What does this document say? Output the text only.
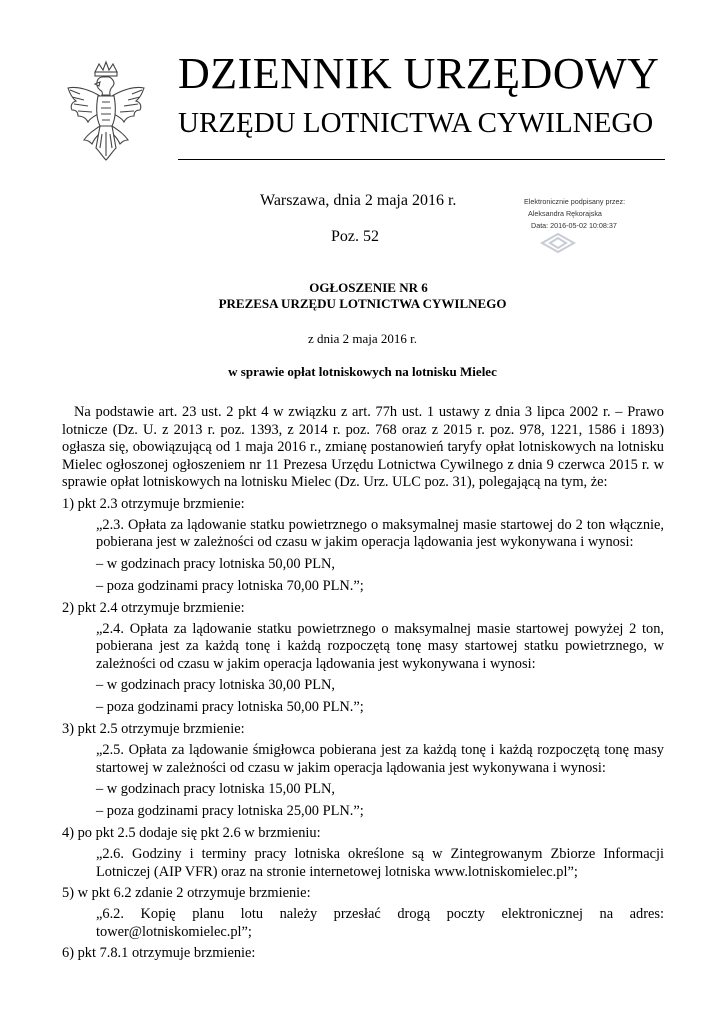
DZIENNIK URZĘDOWY
URZĘDU LOTNICTWA CYWILNEGO
Warszawa, dnia 2 maja 2016 r.
Poz. 52
Elektronicznie podpisany przez:
Aleksandra Rękorajska
Data: 2016-05-02 10:08:37
OGŁOSZENIE NR 6
PREZESA URZĘDU LOTNICTWA CYWILNEGO
z dnia 2 maja 2016 r.
w sprawie opłat lotniskowych na lotnisku Mielec

Na podstawie art. 23 ust. 2 pkt 4 w związku z art. 77h ust. 1 ustawy z dnia 3 lipca 2002 r. – Prawo lotnicze (Dz. U. z 2013 r. poz. 1393, z 2014 r. poz. 768 oraz z 2015 r. poz. 978, 1221, 1586 i 1893) ogłasza się, obowiązującą od 1 maja 2016 r., zmianę postanowień taryfy opłat lotniskowych na lotnisku Mielec ogłoszonej ogłoszeniem nr 11 Prezesa Urzędu Lotnictwa Cywilnego z dnia 9 czerwca 2015 r. w sprawie opłat lotniskowych na lotnisku Mielec (Dz. Urz. ULC poz. 31), polegającą na tym, że:

1) pkt 2.3 otrzymuje brzmienie:

„2.3. Opłata za lądowanie statku powietrznego o maksymalnej masie startowej do 2 ton włącznie, pobierana jest w zależności od czasu w jakim operacja lądowania jest wykonywana i wynosi:

– w godzinach pracy lotniska 50,00 PLN,
– poza godzinami pracy lotniska 70,00 PLN.”;
2) pkt 2.4 otrzymuje brzmienie:

„2.4. Opłata za lądowanie statku powietrznego o maksymalnej masie startowej powyżej 2 ton, pobierana jest za każdą tonę i każdą rozpoczętą tonę masy startowej statku powietrznego, w zależności od czasu w jakim operacja lądowania jest wykonywana i wynosi:

– w godzinach pracy lotniska 30,00 PLN,
– poza godzinami pracy lotniska 50,00 PLN.”;
3) pkt 2.5 otrzymuje brzmienie:

„2.5. Opłata za lądowanie śmigłowca pobierana jest za każdą tonę i każdą rozpoczętą tonę masy startowej w zależności od czasu w jakim operacja lądowania jest wykonywana i wynosi:

– w godzinach pracy lotniska 15,00 PLN,
– poza godzinami pracy lotniska 25,00 PLN.”;
4) po pkt 2.5 dodaje się pkt 2.6 w brzmieniu:

„2.6. Godziny i terminy pracy lotniska określone są w Zintegrowanym Zbiorze Informacji Lotniczej (AIP VFR) oraz na stronie internetowej lotniska www.lotniskomielec.pl”;

5) w pkt 6.2 zdanie 2 otrzymuje brzmienie:

„6.2. Kopię planu lotu należy przesłać drogą poczty elektronicznej na adres: tower@lotniskomielec.pl”;

6) pkt 7.8.1 otrzymuje brzmienie:
